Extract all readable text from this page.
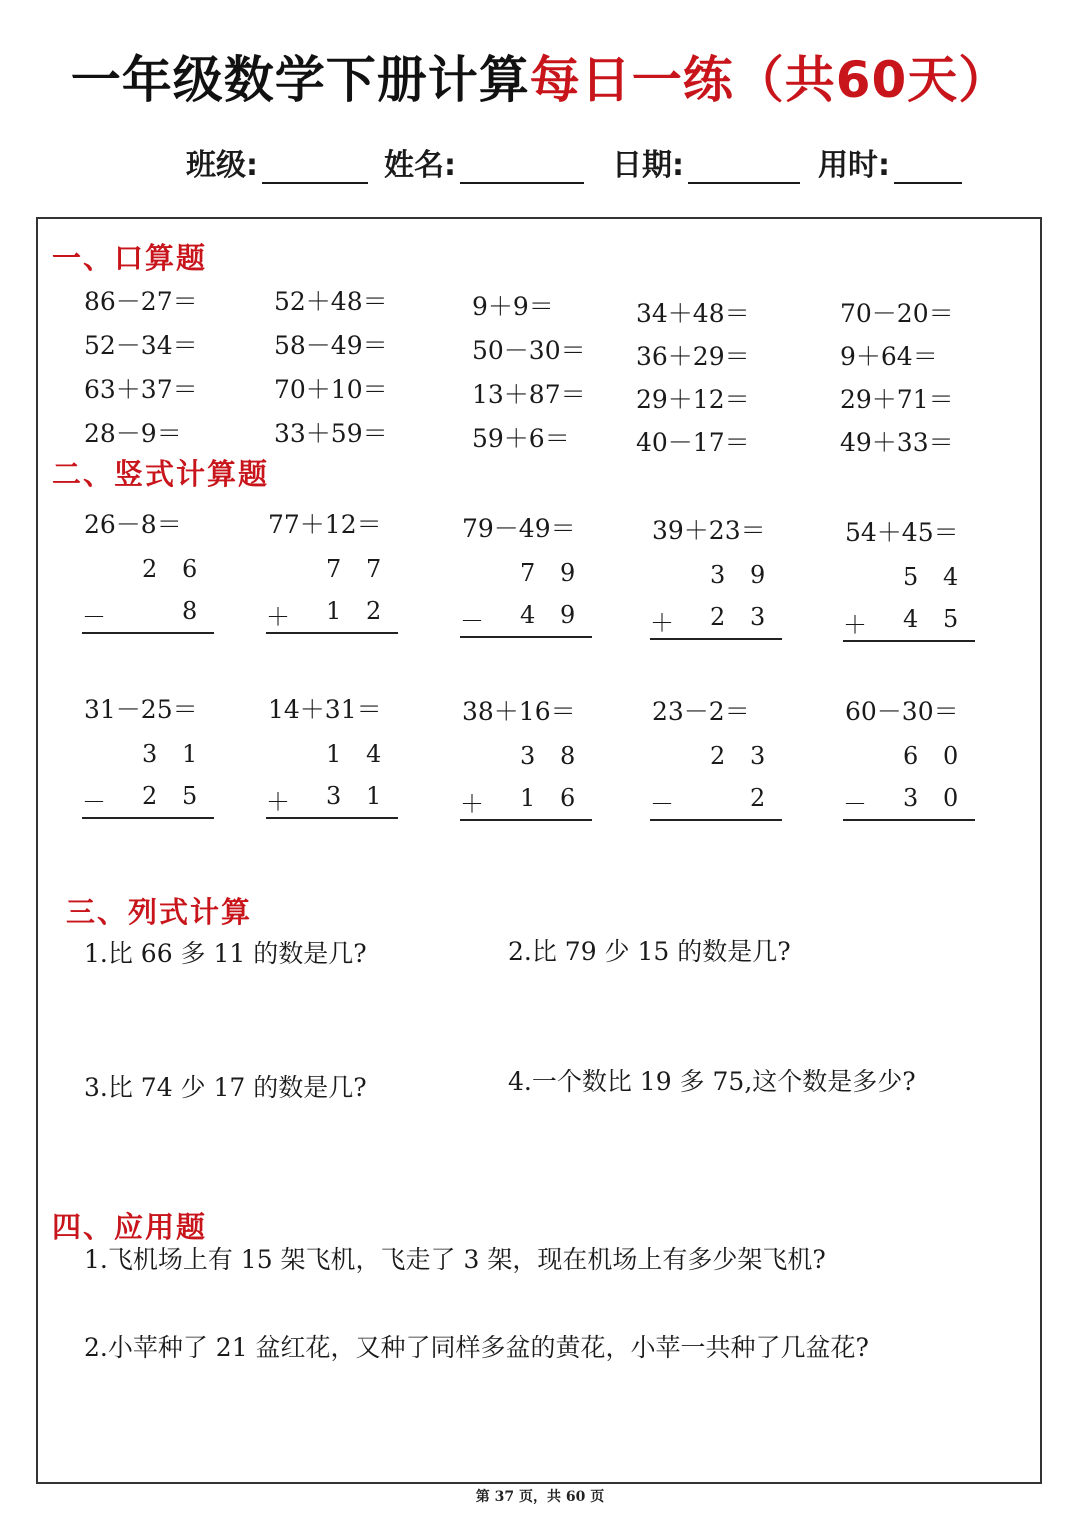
一年级数学下册计算每日一练（共60天）
班级:	姓名:	日期:	用时:
一、口算题
86－27＝
52－34＝
63＋37＝
28－9＝
52＋48＝
58－49＝
70＋10＝
33＋59＝
9＋9＝
50－30＝
13＋87＝
59＋6＝
34＋48＝
36＋29＝
29＋12＝
40－17＝
70－20＝
9＋64＝
29＋71＝
49＋33＝
二、竖式计算题
26－8＝
2 6
－	8
77＋12＝
7 7
＋ 1 2
79－49＝
7 9
－ 4 9
39＋23＝
3 9
＋ 2 3
54＋45＝
5 4
＋ 4 5
31－25＝
3 1
－ 2 5
14＋31＝
1 4
＋ 3 1
38＋16＝
3 8
＋ 1 6
23－2＝
2 3
－	2
60－30＝
6 0
－ 3 0
三、列式计算
1.比 66 多 11 的数是几?	2.比 79 少 15 的数是几?
3.比 74 少 17 的数是几?	4.一个数比 19 多 75,这个数是多少?
四、应用题
1.飞机场上有 15 架飞机，飞走了 3 架，现在机场上有多少架飞机?
2.小苹种了 21 盆红花，又种了同样多盆的黄花，小苹一共种了几盆花?
第 37 页，共 60 页
